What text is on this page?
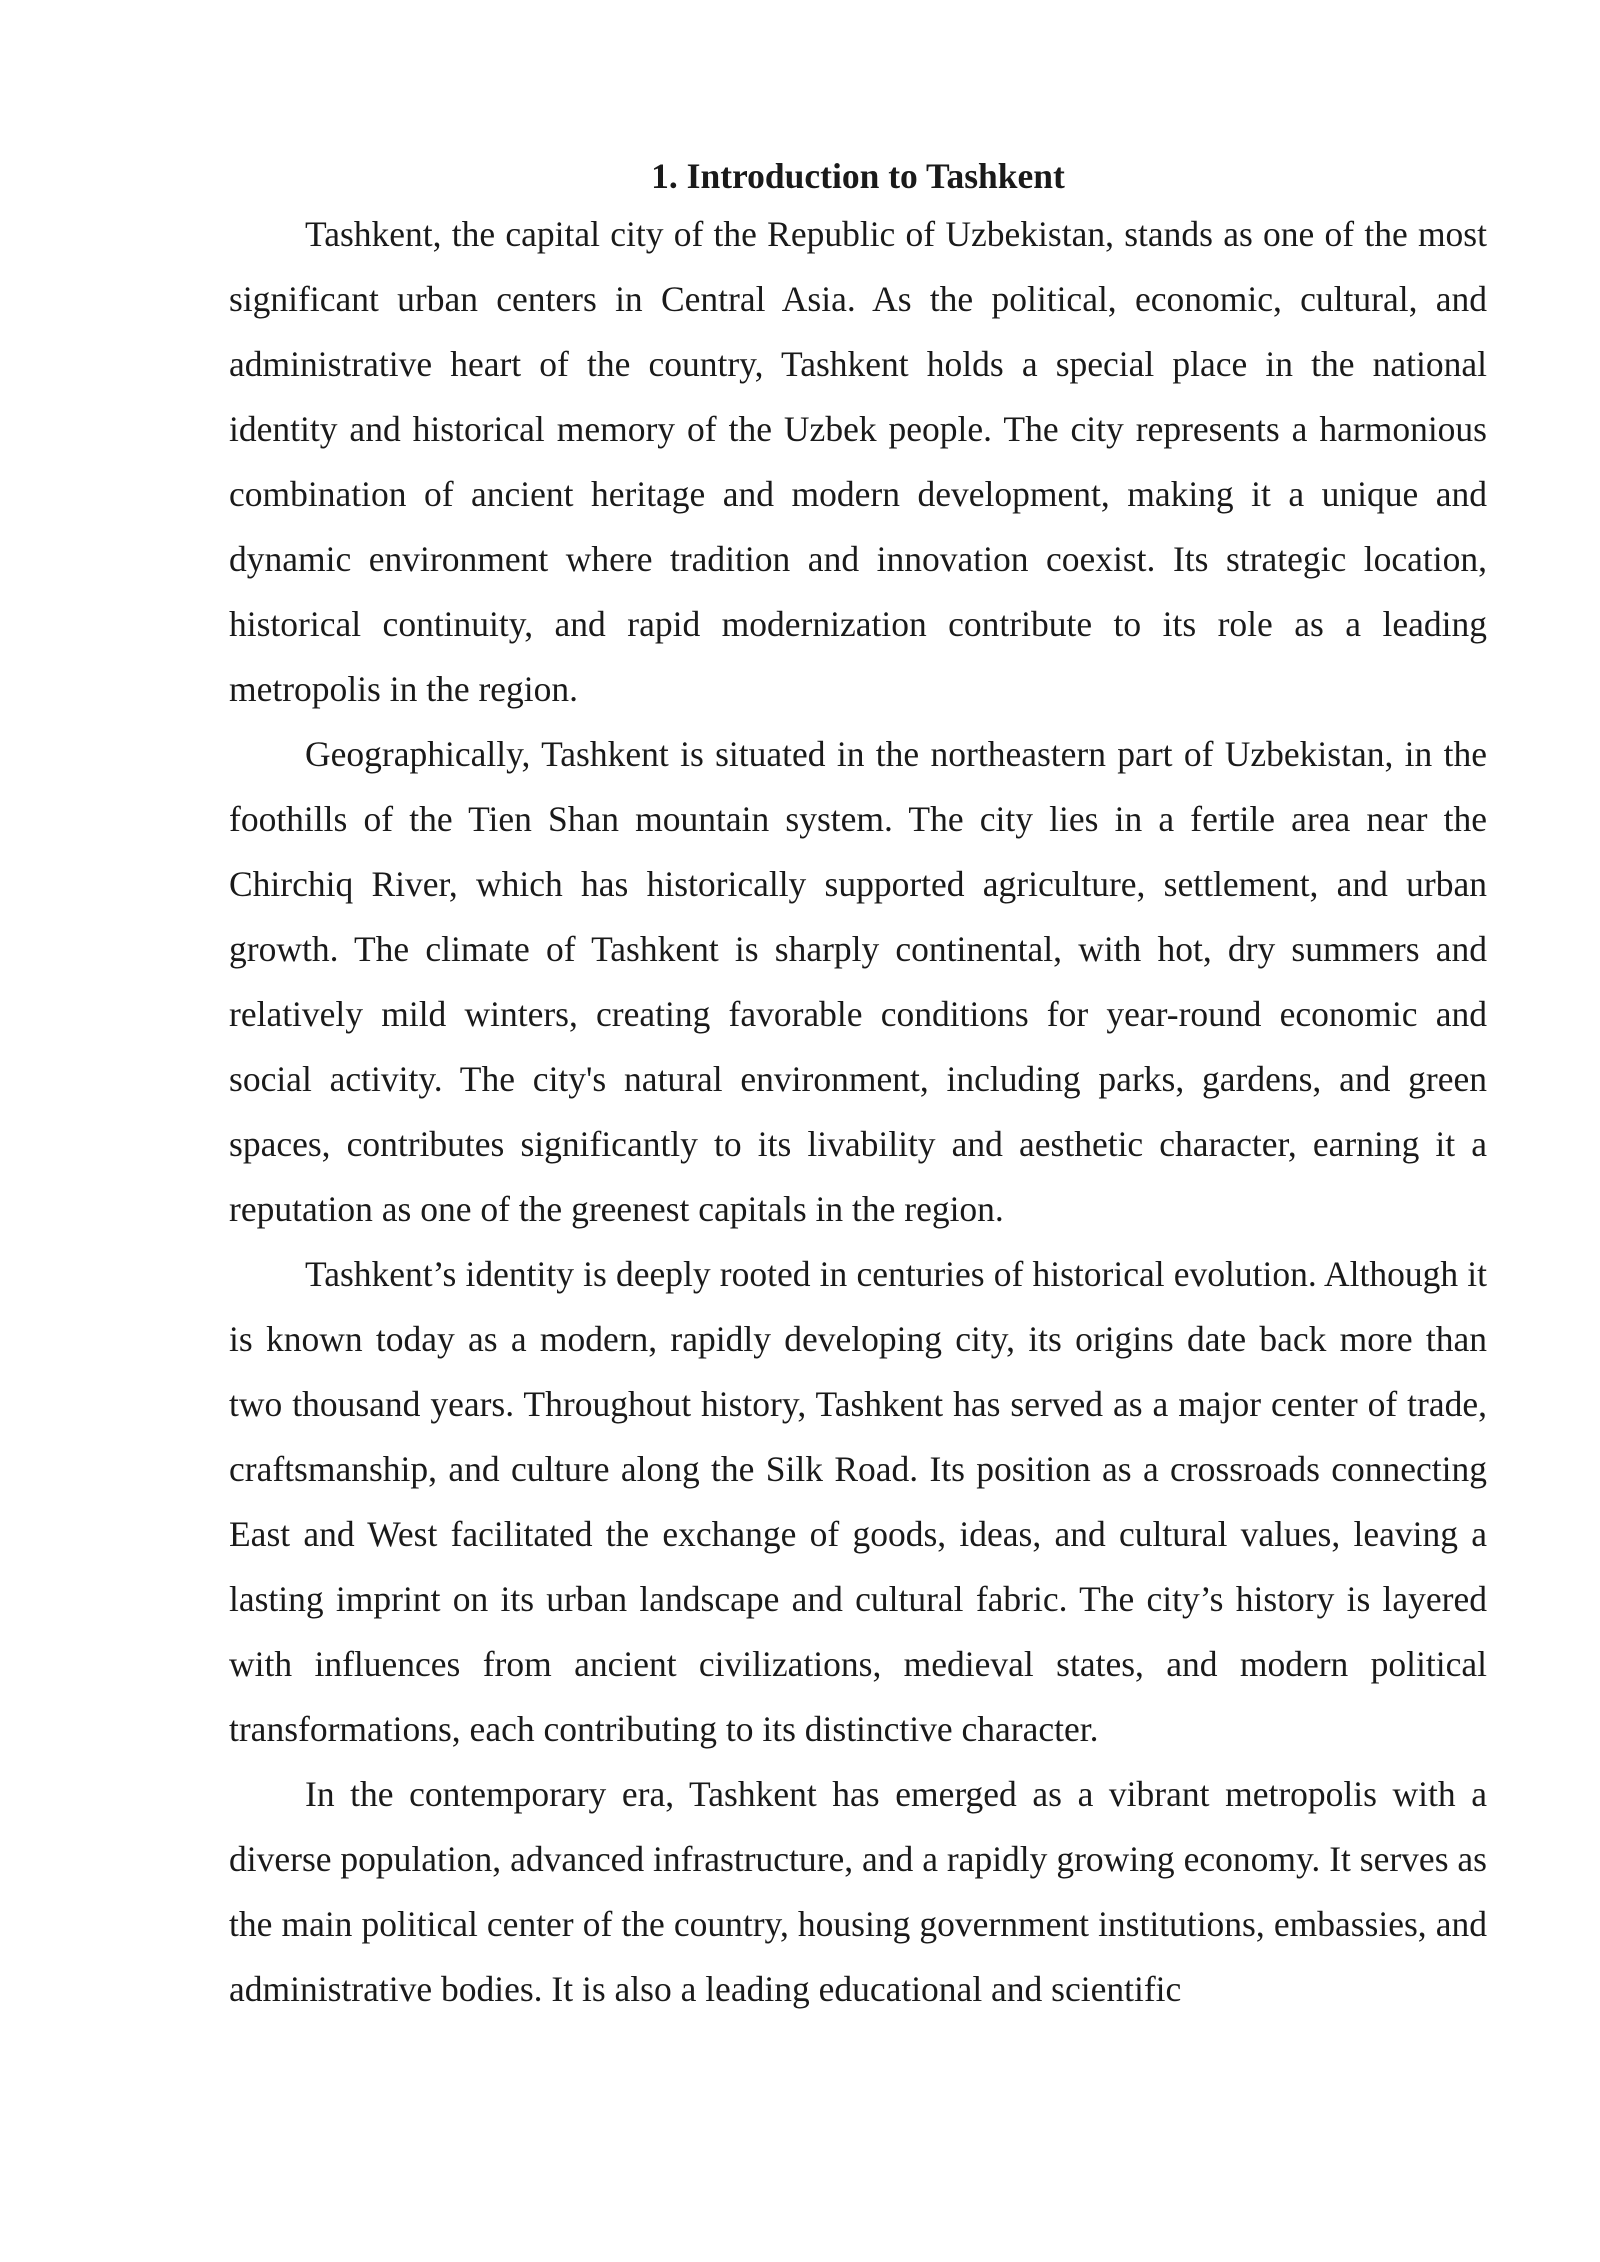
1. Introduction to Tashkent

Tashkent, the capital city of the Republic of Uzbekistan, stands as one of the most significant urban centers in Central Asia. As the political, economic, cultural, and administrative heart of the country, Tashkent holds a special place in the national identity and historical memory of the Uzbek people. The city represents a harmonious combination of ancient heritage and modern development, making it a unique and dynamic environment where tradition and innovation coexist. Its strategic location, historical continuity, and rapid modernization contribute to its role as a leading metropolis in the region.

Geographically, Tashkent is situated in the northeastern part of Uzbekistan, in the foothills of the Tien Shan mountain system. The city lies in a fertile area near the Chirchiq River, which has historically supported agriculture, settlement, and urban growth. The climate of Tashkent is sharply continental, with hot, dry summers and relatively mild winters, creating favorable conditions for year-round economic and social activity. The city's natural environment, including parks, gardens, and green spaces, contributes significantly to its livability and aesthetic character, earning it a reputation as one of the greenest capitals in the region.

Tashkent’s identity is deeply rooted in centuries of historical evolution. Although it is known today as a modern, rapidly developing city, its origins date back more than two thousand years. Throughout history, Tashkent has served as a major center of trade, craftsmanship, and culture along the Silk Road. Its position as a crossroads connecting East and West facilitated the exchange of goods, ideas, and cultural values, leaving a lasting imprint on its urban landscape and cultural fabric. The city’s history is layered with influences from ancient civilizations, medieval states, and modern political transformations, each contributing to its distinctive character.

In the contemporary era, Tashkent has emerged as a vibrant metropolis with a diverse population, advanced infrastructure, and a rapidly growing economy. It serves as the main political center of the country, housing government institutions, embassies, and administrative bodies. It is also a leading educational and scientific
